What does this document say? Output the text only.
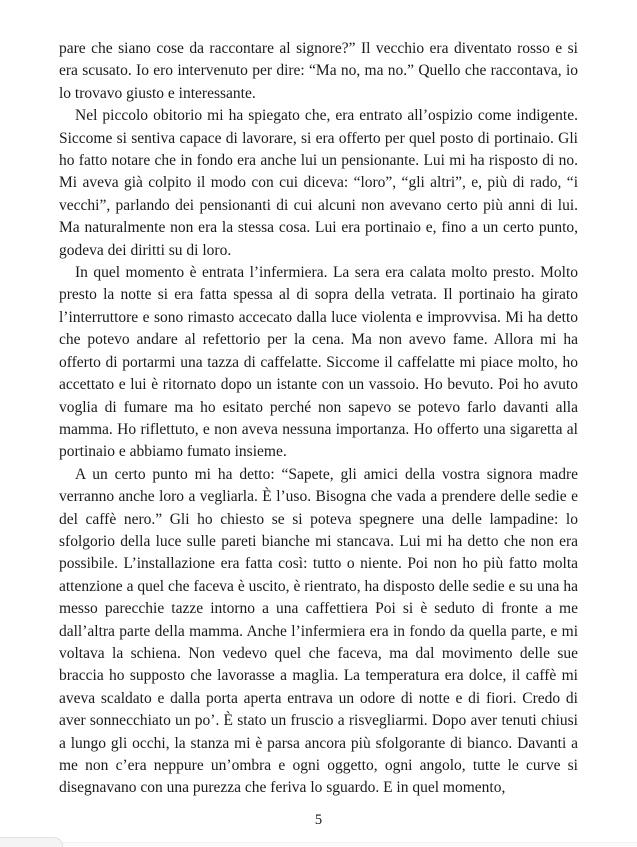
pare che siano cose da raccontare al signore?” Il vecchio era diventato rosso e si era scusato. Io ero intervenuto per dire: “Ma no, ma no.” Quello che raccontava, io lo trovavo giusto e interessante.

Nel piccolo obitorio mi ha spiegato che, era entrato all’ospizio come indigente. Siccome si sentiva capace di lavorare, si era offerto per quel posto di portinaio. Gli ho fatto notare che in fondo era anche lui un pensionante. Lui mi ha risposto di no. Mi aveva già colpito il modo con cui diceva: “loro”, “gli altri”, e, più di rado, “i vecchi”, parlando dei pensionanti di cui alcuni non avevano certo più anni di lui. Ma naturalmente non era la stessa cosa. Lui era portinaio e, fino a un certo punto, godeva dei diritti su di loro.

In quel momento è entrata l’infermiera. La sera era calata molto presto. Molto presto la notte si era fatta spessa al di sopra della vetrata. Il portinaio ha girato l’interruttore e sono rimasto accecato dalla luce violenta e improvvisa. Mi ha detto che potevo andare al refettorio per la cena. Ma non avevo fame. Allora mi ha offerto di portarmi una tazza di caffelatte. Siccome il caffelatte mi piace molto, ho accettato e lui è ritornato dopo un istante con un vassoio. Ho bevuto. Poi ho avuto voglia di fumare ma ho esitato perché non sapevo se potevo farlo davanti alla mamma. Ho riflettuto, e non aveva nessuna importanza. Ho offerto una sigaretta al portinaio e abbiamo fumato insieme.

A un certo punto mi ha detto: “Sapete, gli amici della vostra signora madre verranno anche loro a vegliarla. È l’uso. Bisogna che vada a prendere delle sedie e del caffè nero.” Gli ho chiesto se si poteva spegnere una delle lampadine: lo sfolgorio della luce sulle pareti bianche mi stancava. Lui mi ha detto che non era possibile. L’installazione era fatta così: tutto o niente. Poi non ho più fatto molta attenzione a quel che faceva è uscito, è rientrato, ha disposto delle sedie e su una ha messo parecchie tazze intorno a una caffettiera Poi si è seduto di fronte a me dall’altra parte della mamma. Anche l’infermiera era in fondo da quella parte, e mi voltava la schiena. Non vedevo quel che faceva, ma dal movimento delle sue braccia ho supposto che lavorasse a maglia. La temperatura era dolce, il caffè mi aveva scaldato e dalla porta aperta entrava un odore di notte e di fiori. Credo di aver sonnecchiato un po’. È stato un fruscio a risvegliarmi. Dopo aver tenuti chiusi a lungo gli occhi, la stanza mi è parsa ancora più sfolgorante di bianco. Davanti a me non c’era neppure un’ombra e ogni oggetto, ogni angolo, tutte le curve si disegnavano con una purezza che feriva lo sguardo. E in quel momento,

5
